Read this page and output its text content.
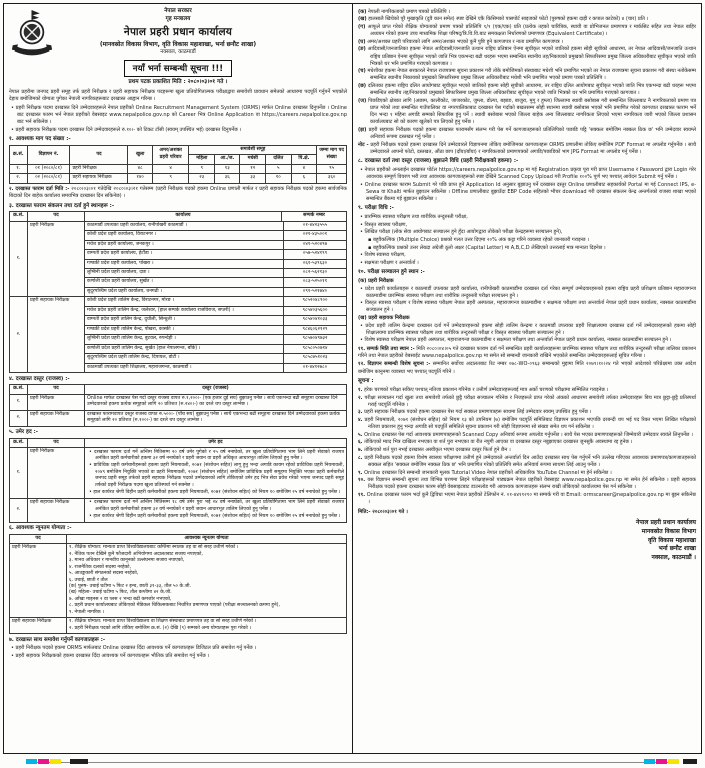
नेपाल सरकार
गृह मन्त्रालय
नेपाल प्रहरी प्रधान कार्यालय
(मानवस्रोत विकास विभाग, वृति विकास महाशाखा, भर्ना छनौट शाखा)
नक्साल, काठमाडौं
नयाँ भर्ना सम्बन्धी सूचना !!!
प्रथम पटक प्रकाशित मिति : २०८०।०३।०१ गते ।
नेपाल प्रहरीमा जनपद प्रहरी समूह तर्फ प्रहरी निरीक्षक र प्रहरी सहायक निरीक्षक पदहरूमा खुला प्रतियोगितात्मक परीक्षाद्वारा समावेशी प्रावधान समेतको आधारमा पदपूर्ति गर्नुपर्ने भएकोले देहाय बमोजिमको योग्यता पुगेका नेपाली नागरिकहरूबाट दरखास्त आह्वान गरिन्छ ।
• प्रहरी निरीक्षक पदमा दरखास्त दिने उम्मेदवारहरूले नेपाल प्रहरीको Online Recruitment Management System (ORMS) मार्फत Online दरखास्त दिनुपर्नेछ । Online बाट दरखास्त फारम भर्न नेपाल प्रहरीको वेबसाइट www.nepalpolice.gov.np को Career भित्र Online Application वा https://careers.nepalpolice.gov.np बाट भर्न सकिनेछ ।
• प्रहरी सहायक निरीक्षक पदमा दरखास्त दिने उम्मेदवारहरूले रु.१०।- को टिकट टाँसी (स्वयम् उपस्थित भई) दरखास्त दिनुपर्नेछ ।
१. आवश्यक माग पद संख्या :-
क्र.सं.	विज्ञापन नं.	पद	खुला	अमर/अशक्त प्रहरी परिवार	समावेशी समूह					जम्मा माग पद संख्या
					महिला	आ./ज.	मधेसी	दलित	पि.क्षे.	
१.	०१ (२०८०/८१)	प्रहरी निरीक्षक	४८	४	९	१३	१२	५	४	९५
२.	०२ (२०८०/८१)	प्रहरी सहायक निरीक्षक	१४०	९	२३	३६	३३	१०	६	३६०
२. दरखास्त फाराम दर्ता मिति :- २०८०।०३।०१ गतेदेखि २०८०।०३।२१ गतेसम्म (प्रहरी निरीक्षक पदको हकमा Online प्रणाली मार्फत र प्रहरी सहायक निरीक्षक पदको हकमा सार्वजनिक बिदाको दिन बाहेक कार्यालय समयभित्र दरखास्त दिन सकिनेछ) ।
३. दरखास्त फाराम संकलन तथा दर्ता हुने स्थानहरू :-
क्र.सं.	पद	कार्यालय	सम्पर्क नम्बर
१.	प्रहरी निरीक्षक		काठमाडौं उपत्यका प्रहरी कार्यालय, रानीपोखरी काठमाडौं ।	०१-४४२३५५५
कोशी प्रदेश प्रहरी कार्यालय, विराटनगर ।	०२१-४३५००१
मधेश प्रदेश प्रहरी कार्यालय, जनकपुर ।	०४१-५२०४९७
वाग्मती प्रदेश प्रहरी कार्यालय, हेटौंडा ।	०५७-५२४१९९
गण्डकी प्रदेश प्रहरी कार्यालय, पोखरा ।	०६१-५३९६३०
लुम्बिनी प्रदेश प्रहरी कार्यालय, दाङ ।	०८२-५६२१३०
कर्णाली प्रदेश प्रहरी कार्यालय, सुर्खेत ।	०८३-५२५०११
सुदूरपश्चिम प्रदेश प्रहरी कार्यालय, धनगढी ।	०९१-५२१७४०

२.	प्रहरी सहायक निरीक्षक		कोशी प्रदेश प्रहरी तालिम केन्द्र, विराटनगर, मोरङ ।	९८५२०४८९००
मधेश प्रदेश प्रहरी तालिम केन्द्र, जलेश्वर, (हाल सम्पर्क कार्यालय राजविराज, सप्तरी) ।	९८५४०३५६००
वाग्मती प्रदेश प्रहरी तालिम केन्द्र, दुधौली, सिन्धुली ।	९८५४०४१०३३
गण्डकी प्रदेश प्रहरी तालिम केन्द्र, पोखरा, कास्की ।	९८४६०६२१२९
लुम्बिनी प्रदेश प्रहरी तालिम केन्द्र, बुटवल, रुपन्देही ।	९८५७०४९७३२
कर्णाली प्रदेश प्रहरी तालिम केन्द्र, सुर्खेत (हाल नेपालगन्ज, बाँके) ।	९८५८०५०७१४
सुदूरपश्चिम प्रदेश प्रहरी तालिम केन्द्र, दिपायल, डोटी ।	९८५८७५१०२३
काठमाडौं उपत्यका प्रहरी शिक्षालय, महाराजगन्ज, काठमाडौं ।	०१-४४१२७८०
४. दरखास्त दस्तुर (राजस्व) :-
क्र.सं.	पद	दस्तुर (राजस्व)
१.	प्रहरी निरीक्षक	Online मार्फत दरखास्त पेस गर्दा दस्तुर राजस्व वापत रु.१,२००।- (एक हजार दुई सय) बुझाउनु पर्नेछ । साथै एकभन्दा बढी समूहमा दरखास्त दिने उम्मेदवारको हकमा प्रत्येक समूहको लागि २० प्रतिशत (रु.२४०।-) का दरले थप दस्तुर लाग्नेछ ।
२.	प्रहरी सहायक निरीक्षक	दरखास्त फारामवापत दस्तुर राजस्व वापत रु.५००।- (पाँच सय) बुझाउनु पर्नेछ । साथै एकभन्दा बढी समूहमा दरखास्त दिने उम्मेदवारको हकमा प्रत्येक समूहको लागि २० प्रतिशत (रु.१००।-) का दरले थप दस्तुर लाग्नेछ ।
५. उमेर हद :-
क्र.सं.	पद	उमेर हद
१.	प्रहरी निरीक्षक	• दरखास्त फाराम दर्ता गर्ने अन्तिम मितिसम्म २० वर्ष उमेर पुगेको र २५ वर्ष ननाघेको, तर खुला प्रतियोगितामा भाग लिने प्रहरी सेवाको राजपत्र अनंकित प्रहरी कर्मचारीको हकमा ३२ वर्ष ननाघेको र प्रहरी जवान वा प्रहरी अधिकृत आधारभूत तालिम लिएको हुनु पर्नेछ ।
• प्राविधिक प्रहरी कर्मचारीहरूको हकमा प्रहरी नियमावली, २०७१ (संशोधन सहित) लागू हुनु भन्दा अगाडि कायम रहेको प्राविधिक प्रहरी नियमावली, २०४९ बमोजिम नियुक्ति भएको वा प्रहरी नियमावली, २०७१ (संशोधन सहित) बमोजिम प्राविधिक प्रहरी समूहमा नियुक्ति भएका प्रहरी कर्मचारीले जनपद प्रहरी समूह तर्फको प्रहरी सहायक निरीक्षक पदको उम्मेदवारको लागि तोकिएको उमेर हद भित्र सेवा प्रवेश गरेको भएमा जनपद प्रहरी समूह तर्फको प्रहरी निरीक्षक पदमा खुला प्रतिस्पर्धा गर्न सक्नेछ ।
• हाल कार्यरत श्रेणी विहीन प्रहरी कर्मचारीको हकमा प्रहरी नियमावली, २०७१ (संशोधन सहित) को नियम १० बमोजिम २५ वर्ष ननाघेको हुनु पर्नेछ ।

२.	प्रहरी सहायक निरीक्षक	• दरखास्त फाराम दर्ता गर्ने अन्तिम मितिसम्म १८ वर्ष उमेर पुरा भई २४ वर्ष ननाघेको, तर खुला प्रतियोगितामा भाग लिने प्रहरी सेवाको राजपत्र अनंकित प्रहरी कर्मचारीको हकमा ३२ वर्ष ननाघेको र प्रहरी जवान आधारभूत तालिम लिएको हुनु पर्नेछ ।
• हाल कार्यरत श्रेणी विहीन प्रहरी कर्मचारीको हकमा प्रहरी नियमावली, २०७१ (संशोधन सहित) को नियम १० बमोजिम २५ वर्ष ननाघेको हुनु पर्नेछ ।
६. आवश्यक न्यूनतम योग्यता :-
पद	आवश्यक न्यूनतम योग्यता
प्रहरी निरीक्षक	१. शैक्षिक योग्यता: मान्यता प्राप्त विश्वविद्यालयबाट कम्तिमा स्नातक तह वा सो सरह उत्तीर्ण गरेको ।
२. नैतिक पतन देखिने कुनै फौजदारी अभियोगमा अदालतबाट सजाय नपाएको,
३. मानव अधिकार र मानवीय कानूनको उल्लंघनमा सजाय नपाएको,
४. राजनैतिक दलको सदस्य नरहेको,
५. आतङ्ककारी संगठनको सदस्य नरहेको,
६. उचाई, छाती र तौल
(क) पुरुष- उचाई घटीमा ५ फिट २ इन्च, छाती ३१-३३, तौल ५० के.जी.
(ख) महिला- उचाई घटीमा ५ फिट, तौल कम्तीमा ४२ के.जी.
७. आँखा माइनस २ वा प्लस २ भन्दा बढी कमजोर नभएको,
८. प्रहरी प्रधान कार्यालयबाट तोकिएको मेडिकल चिकित्सकबाट निर्धारित प्रमाणपत्र पाएको (परीक्षा सञ्चालनको क्रममा हुने),
९. नेपाली नागरिक ।

प्रहरी सहायक निरीक्षक	१. शैक्षिक योग्यता: मान्यता प्राप्त विश्वविद्यालय वा शिक्षण संस्थाबाट प्रमाणपत्र तह वा सो सरह उत्तीर्ण गरेको ।
२. प्रहरी निरीक्षक पदको लागि तोकिए बमोजिम क्र.सं. (२) देखि (९) सम्मको अन्य योग्यताहरू पुरा गरेको ।
७. दरखास्त साथ समावेश गर्नुपर्ने कागजातहरू :-
• प्रहरी निरीक्षक पदको हकमा ORMS मार्फतबाट Online दरखास्त दिँदा आवश्यक पर्ने कागजातहरू डिजिटल प्रति समावेश गर्नु पर्नेछ ।
• प्रहरी सहायक निरीक्षकको हकमा दरखास्त दिँदा आवश्यक पर्ने कागजातहरू भौतिक प्रति समावेश गर्नु पर्नेछ ।
(क) नेपाली नागरिकताको प्रमाण पत्रको प्रतिलिपि ।
(ख) हालसालै खिचेको पूरै मुखाकृति (दुवै कान समेत) स्पष्ट देखिने एकै किसिमको पासपोर्ट साइजको फोटो (पुरुषको हकमा दाह्री र कपाल काटेको) ४ (चार) प्रति ।
(ग) आफूले प्राप्त गरेको शैक्षिक योग्यताको प्रमाण पत्रको प्रतिलिपि १/१ (एक/एक) प्रति (प्रत्येक तहको चारित्रिक, स्थायी वा प्रोभिजनल प्रमाणपत्र र मार्कसिट सहित तथा नेपाल बाहिर अध्ययन गरेको हकमा उच्च माध्यमिक शिक्षा परिषद्/त्रि.वि.वि.बाट समकक्षता निर्धारणको प्रमाणपत्र (Equivalent Certificate) ।
(घ) अमर/अशक्त प्रहरी परिवारको लागि अमर/अशक्त भएको कुनै पुष्टि हुने कागजपत्र र नाता प्रमाणित कागजपत्र ।
(ङ) आदिवासी/जनजातिका हकमा नेपाल आदिवासी/जनजाति उत्थान राष्ट्रिय प्रतिष्ठान ऐनमा सूचीकृत भएको जातिको हकमा सोही सूचीको आधारमा, तर नेपाल आदिवासी/जनजाति उत्थान राष्ट्रिय प्रतिष्ठान ऐनमा सूचीकृत भएको जाति भित्र एकभन्दा बढी थरहरू भएमा सम्बन्धित स्थानीय तह/निकायको प्रमुखको सिफारिसमा प्रमुख जिल्ला अधिकारीबाट सूचीकृत भएको जाति भित्रको थर भनि प्रमाणित गराएको कागजात ।
(च) मधेशीका हकमा नेपाल सरकारले नेपाल राजपत्रमा सूचना प्रकाशन गरी तोके बमोजिमको संस्थाबाट मधेशी भनि प्रमाणित भएको तर नेपाल राजपत्रमा सूचना प्रकाशन गरी संस्था नतोकेसम्म सम्बन्धित स्थानीय निकायको प्रमुखको सिफारिसमा प्रमुख जिल्ला अधिकारीबाट मधेशी भनि प्रमाणित भएको प्रमाण पत्रको प्रतिलिपि ।
(छ) दलितका हकमा राष्ट्रिय दलित आयोगबाट सूचीकृत भएको जातिको हकमा सोही सूचीको आधारमा, तर राष्ट्रिय दलित आयोगबाट सूचीकृत भएको जाति भित्र एकभन्दा बढी थरहरू भएमा सम्बन्धित स्थानीय तह/निकायको प्रमुखको सिफारिसमा प्रमुख जिल्ला अधिकारीबाट सूचीकृत भएको जाति भित्रको थर भनि प्रमाणित गराएको कागजात ।
(ज) पिछडिएको क्षेत्रका लागि (अछाम, कालीकोट, जाजरकोट, जुम्ला, डोल्पा, बझाङ, बाजुरा, मुगु र हुम्ला) जिल्लामा स्थायी बसोबास गरी सम्बन्धित जिल्लाबाट नै नागरिकताको प्रमाण पत्र प्राप्त गरेको तथा सम्बन्धित गाउँपालिका वा नगरपालिकाबाट दरखास्त पेस गर्दाको बखतसम्म सोही स्थानमा स्थायी बसोबास भएको भनि प्रमाणित गरेको कागजात दरखास्त फाराम भर्ने दिन भन्दा १ महिना अगाडि सम्मको सिफारिस हुनु पर्ने । स्थायी बसोबास भएको जिल्ला बाहेक अन्य जिल्लाबाट नागरिकता लिएको भएमा नागरिकता जारी भएको जिल्ला प्रशासन कार्यालयबाट सो को कारण खुलेको पत्र लिएको हुनु पर्नेछ ।
(झ) प्रहरी सहायक निरीक्षक पदको हकमा दरखास्त फारामसँग संलग्न गरी पेस गर्ने कागजातहरूको प्रतिलिपिको पछाडि पट्टि 'सक्कल बमोजिम नक्कल ठिक छ' भनि उम्मेदवार स्वयम्ले अनिवार्य रूपमा दस्तखत गर्नु पर्नेछ ।
नोट - प्रहरी निरीक्षक पदको हकमा दरखास्त दिने उम्मेदवारले विज्ञापनमा तोकिए बमोजिमका कागजातहरू ORMS प्रणालीमा तोकिए बमोजिम PDF Format मा अपलोड गर्नुपर्नेछ । साथै उम्मेदवारले आफ्नो फोटो, दस्तखत, औंठा छाप (दाँया/बाँया) र नागरिकताको प्रमाणपत्रको अगाडि/पछाडिको भाग JPG Format मा अपलोड गर्नु पर्नेछ ।
८. दरखास्त दर्ता तथा दस्तुर (राजस्व) बुझाउने विधि (प्रहरी निरीक्षकको हकमा) :-
• नेपाल प्रहरीको अनलाईन दरखास्त पोर्टल https://careers.nepalpolice.gov.np मा गई Registration प्रकृया पूरा गरी प्राप्त Username र Password द्वारा Login गरेर आवश्यक सम्पूर्ण विवरण भरी तथा आवश्यक कागजातहरूको स्पष्ट देखिने Scanned Copy Upload गरी Profile १००% पूर्ण भए पश्चात् आवेदन Submit गर्नु पर्नेछ ।
• Online दरखास्त फाराम Submit गरे पछि प्राप्त हुने Application Id अनुसार बुझाउनु पर्ने दरखास्त दस्तुर Online प्रणालीबाट सहकार्यको Portal मा गई Connect IPS, e-Sewa वा Khalti मार्फत बुझाउन सकिनेछ । Offline प्रणालीबाट बुझाउँदा EBP Code सहितको भौचर download गरी दरखास्त संकलन केन्द्र अन्तर्गतको राजस्व शाखा भएको सम्बन्धित बैंकमा गई बुझाउन सकिनेछ ।
९. परीक्षा विधि :-
• प्रारम्भिक स्वास्थ्य परीक्षण तथा शारीरिक तन्दुरुस्ती परीक्षा,
• विस्तृत स्वास्थ्य परीक्षण,
• लिखित परीक्षा (लोक सेवा आयोगबाट सञ्चालन हुने हुँदा आयोगद्वारा तोकेको परीक्षा केन्द्रहरूमा सञ्चालन हुने),
▪ बहुवैकल्पिक (Multiple Choice) प्रश्नको गलत उत्तर दिएमा २०% अंक कट्टा गरिने व्यवस्था रहेको जानकारी गराइन्छ ।
▪ बहुवैकल्पिक प्रश्नको उत्तर लेख्दा अंग्रेजी ठूलो अक्षर (Capital Letter) मा A,B,C,D लेखिएको उत्तरलाई मात्र मान्यता दिइनेछ ।
• विशेष स्वास्थ्य परीक्षण,
• सक्षमता परीक्षण र अन्तर्वार्ता ।
१०. परीक्षा सञ्चालन हुने स्थान :-
(क) प्रहरी निरीक्षक
• प्रदेश प्रहरी कार्यालयहरू र काठमाडौं उपत्यका प्रहरी कार्यालय, रानीपोखरी काठमाडौंमा दरखास्त दर्ता गरेका सम्पूर्ण उम्मेदवारहरूको हकमा राष्ट्रिय प्रहरी प्रशिक्षण प्रतिष्ठान महाराजगन्ज काठमाडौंमा प्रारम्भिक स्वास्थ्य परीक्षण तथा शारीरिक तन्दुरुस्ती परीक्षा सञ्चालन हुने ।
• विस्तृत स्वास्थ्य परीक्षण र विशेष स्वास्थ्य परीक्षण नेपाल प्रहरी अस्पताल, महाराजगन्ज काठमाडौंमा र सक्षमता परीक्षण तथा अन्तर्वार्ता नेपाल प्रहरी प्रधान कार्यालय, नक्साल काठमाडौंमा सञ्चालन हुने ।
(ख) प्रहरी सहायक निरीक्षक
• प्रदेश प्रहरी तालिम केन्द्रमा दरखास्त दर्ता गर्ने उम्मेदवारहरूको हकमा सोही तालिम केन्द्रमा र काठमाडौं उपत्यका प्रहरी शिक्षालयमा दरखास्त दर्ता गर्ने उम्मेदवारहरूको हकमा सोही शिक्षालयमा प्रारम्भिक स्वास्थ्य परीक्षण तथा शारीरिक तन्दुरुस्ती परीक्षा र विस्तृत स्वास्थ्य परीक्षण सञ्चालन हुने ।
• विशेष स्वास्थ्य परीक्षण नेपाल प्रहरी अस्पताल, महाराजगन्ज काठमाडौंमा र सक्षमता परीक्षण तथा अन्तर्वार्ता नेपाल प्रहरी प्रधान कार्यालय, नक्साल काठमाडौंमा सञ्चालन हुने ।
११. सम्पर्क मिति तथा स्थान :- मिति २०८०।०४।०५ गते दरखास्त फाराम दर्ता गर्ने सम्बन्धित प्रहरी कार्यालयहरूमा प्रारम्भिक स्वास्थ्य परीक्षण तथा शारीरिक तन्दुरुस्ती परीक्षा तालिका प्रकाशन गरिने तथा नेपाल प्रहरीको वेबसाईट www.nepalpolice.gov.np मा समेत सो सम्बन्धी जानकारी राखिने भएकोले सम्बन्धित उम्मेदवारहरूलाई सूचित गरिन्छ ।
१२. विज्ञापन सम्बन्धी विशेष सूचना :- सम्मानित सर्वोच्च अदालतबाट रिट नम्बर ०७८-WO-०९६३ सम्बन्धको मुद्दामा मिति २०७९।१०।२४ गते भएको आदेशको परिप्रेक्ष्यमा उक्त आदेश बमोजिम कानुनमा व्यवस्था भए पश्चात् पदपूर्ति गरिने ।
सूचना :
१. हरेक चरणको परीक्षा सकिए पश्चात् नतिजा प्रकाशन गरिनेछ र उत्तीर्ण उम्मेदवारहरूलाई मात्र अर्को चरणको परीक्षामा सम्मिलित गराइनेछ ।
२. परीक्षा सञ्चालन गर्दा खुला तथा समावेशी तर्फको छुट्टै परीक्षा सञ्चालन गरिनेछ र निजहरूले प्राप्त गरेको अंकको आधारमा समावेशी तर्फका उम्मेदवारहरू बिच मात्र छुट्टा-छुट्टै प्रतिस्पर्धा गराई पदपूर्ति गरिनेछ ।
३. प्रहरी सहायक निरीक्षक पदको हकमा दरखास्त पेस गर्दा सक्कल प्रमाणपत्रहरू साथमा लिई उम्मेदवार स्वयम् उपस्थित हुनु पर्नेछ ।
४. प्रहरी नियमावली, २०७१ (संशोधन सहित) को नियम १३ को उपनियम (७) बमोजिम पदपूर्ति समितिबाट विज्ञापन प्रकाशन भएपछि दरबन्दी थप भई पद रिक्त भएमा लिखित परीक्षाको नतिजा प्रकाशन हुनु भन्दा अगाडि सो पदपूर्ति समितिले सूचना प्रकाशन गरी सोही विज्ञापनमा सो संख्या समेत थप गर्न सकिनेछ ।
५. Online दरखास्त पेस गर्दा आवश्यक प्रमाणपत्रहरूको Scanned Copy अनिवार्य रूपमा अपलोड गर्नुपर्नेछ । साथै पेस भएका प्रमाणपत्रहरूको जिम्मेवारी उम्मेदवार स्वयंले लिनुपर्नेछ ।
६. तोकिएको म्याद भित्र दाखिला नभएका वा शर्त पुरा नभएका वा रीत नपुगी आएका वा दरखास्त दस्तुर नबुझाएका दरखास्त जुनसुकै अवस्थामा रद्द हुनेछ ।
७. तोकिएको शर्त पुरा नभई दरखास्त अस्वीकृत भएमा दरखास्त दस्तुर फिर्ता हुने छैन ।
८. प्रहरी निरीक्षक पदको हकमा विशेष स्वास्थ्य परीक्षणमा उत्तीर्ण हुने उम्मेदवारले अन्तर्वार्ता दिन आउँदा दरखास्त साथ पेस गर्नुपर्ने भनि उल्लेख गरिएका आवश्यक प्रमाणपत्र/कागजातहरूको सक्कल सहित 'सक्कल बमोजिम नक्कल ठिक छ' भनि प्रमाणित गरेको प्रतिलिपि समेत अनिवार्य रूपमा साथमा लिई आउनु पर्नेछ ।
९. Online दरखास्त दिने सम्बन्धी जानकारी मूलक Tutorial Video नेपाल प्रहरीको अधिकारिक YouTube Channel मा हेर्न सकिनेछ ।
१०. यस विज्ञापन सम्बन्धी सूचना तथा विभिन्न चरणमा लिइने परीक्षाहरूको पाठ्यक्रम नेपाल प्रहरीको वेबसाइट www.nepalpolice.gov.np मा समेत हेर्न सकिनेछ । प्रहरी सहायक निरीक्षक पदको हकमा दरखास्त फारम सोही वेबसाइटबाट डाउनलोड गरी आवश्यक कागजातहरू संलग्न राखी तोकिएको कार्यालयमा पेस गर्न सकिनेछ ।
११. Online दरखास्त फारम भर्दा कुनै द्विविधा भएमा नेपाल प्रहरीको टेलिफोन नं. ०१-४४११२१० मा सम्पर्क गरी वा Email: ormscareer@nepalpolice.gov.np मा बुझ्न सकिनेछ ।
मिति:- २०८०।०३।०१ गते ।
नेपाल प्रहरी प्रधान कार्यालय
मानवस्रोत विकास विभाग
वृति विकास महाशाखा
भर्ना छनौट शाखा
नक्साल, काठमाडौं ।
